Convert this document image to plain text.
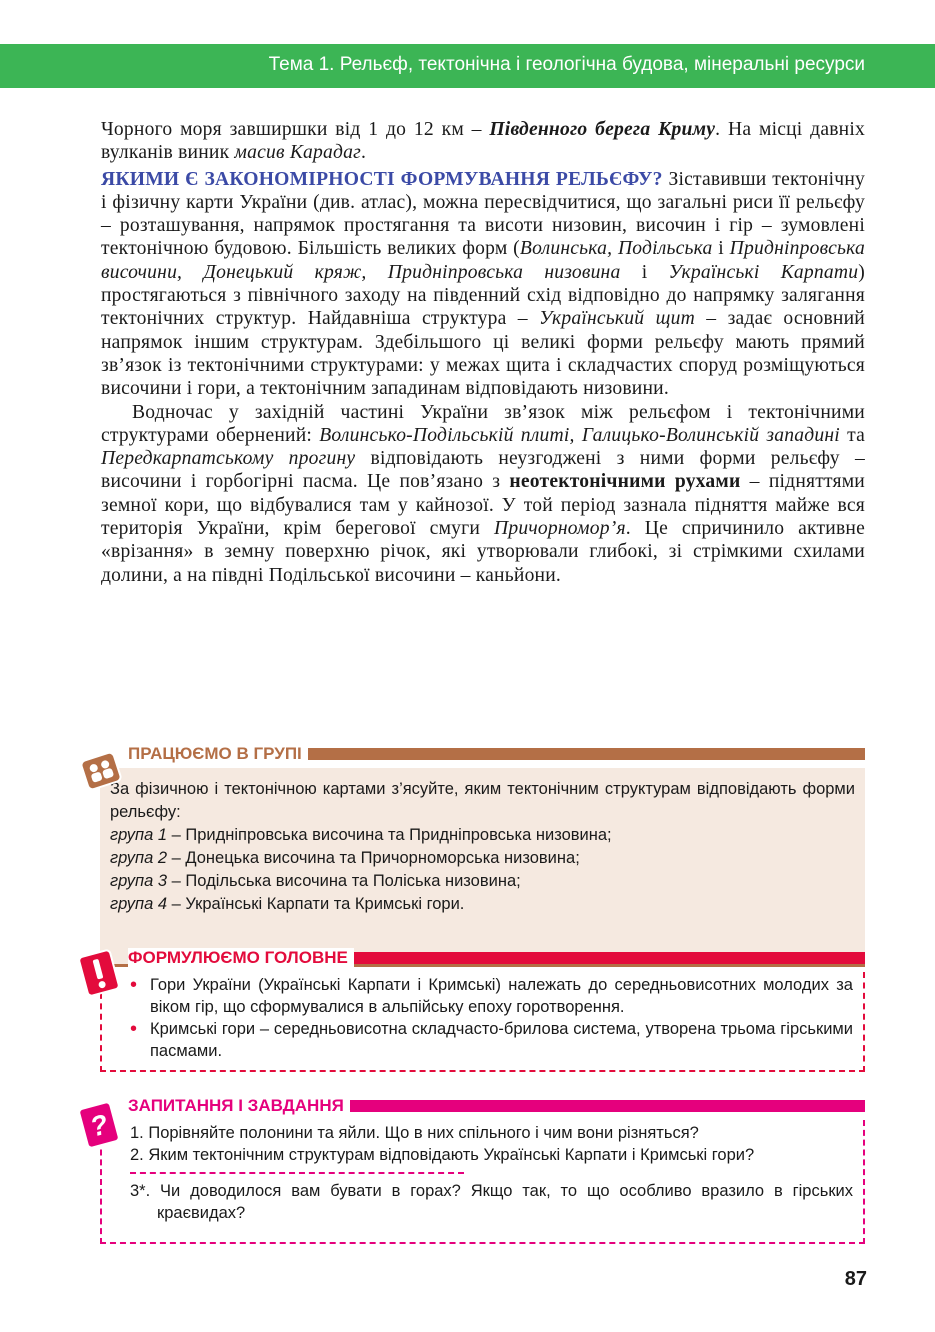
Тема 1. Рельєф, тектонічна і геологічна будова, мінеральні ресурси

Чорного моря завширшки від 1 до 12 км – Південного берега Криму. На місці давніх вулканів виник масив Карадаг.

ЯКИМИ Є ЗАКОНОМІРНОСТІ ФОРМУВАННЯ РЕЛЬЄФУ? Зіставивши тектонічну і фізичну карти України (див. атлас), можна пересвідчитися, що загальні риси її рельєфу – розташування, напрямок простягання та висоти низовин, височин і гір – зумовлені тектонічною будовою. Більшість великих форм (Волинська, Подільська і Придніпровська височини, Донецький кряж, Придніпровська низовина і Українські Карпати) простягаються з північного заходу на південний схід відповідно до напрямку залягання тектонічних структур. Найдавніша структура – Український щит – задає основний напрямок іншим структурам. Здебільшого ці великі форми рельєфу мають прямий зв’язок із тектонічними структурами: у межах щита і складчастих споруд розміщуються височини і гори, а тектонічним западинам відповідають низовини.

Водночас у західній частині України зв’язок між рельєфом і тектонічними структурами обернений: Волинсько-Подільській плиті, Галицько-Волинській западині та Передкарпатському прогину відповідають неузгоджені з ними форми рельєфу – височини і горбогірні пасма. Це пов’язано з неотектонічними рухами – підняттями земної кори, що відбувалися там у кайнозої. У той період зазнала підняття майже вся територія України, крім берегової смуги Причорномор’я. Це спричинило активне «врізання» в земну поверхню річок, які утворювали глибокі, зі стрімкими схилами долини, а на півдні Подільської височини – каньйони.

ПРАЦЮЄМО В ГРУПІ
За фізичною і тектонічною картами з’ясуйте, яким тектонічним структурам відповідають форми рельєфу:
група 1 – Придніпровська височина та Придніпровська низовина;
група 2 – Донецька височина та Причорноморська низовина;
група 3 – Подільська височина та Поліська низовина;
група 4 – Українські Карпати та Кримські гори.
ФОРМУЛЮЄМО ГОЛОВНЕ
• Гори України (Українські Карпати і Кримські) належать до середньовисотних молодих за віком гір, що сформувалися в альпійську епоху горотворення.
• Кримські гори – середньовисотна складчасто-брилова система, утворена трьома гірськими пасмами.
ЗАПИТАННЯ І ЗАВДАННЯ
1. Порівняйте полонини та яйли. Що в них спільного і чим вони різняться?
2. Яким тектонічним структурам відповідають Українські Карпати і Кримські гори?
3*. Чи доводилося вам бувати в горах? Якщо так, то що особливо вразило в гірських краєвидах?
?
87
